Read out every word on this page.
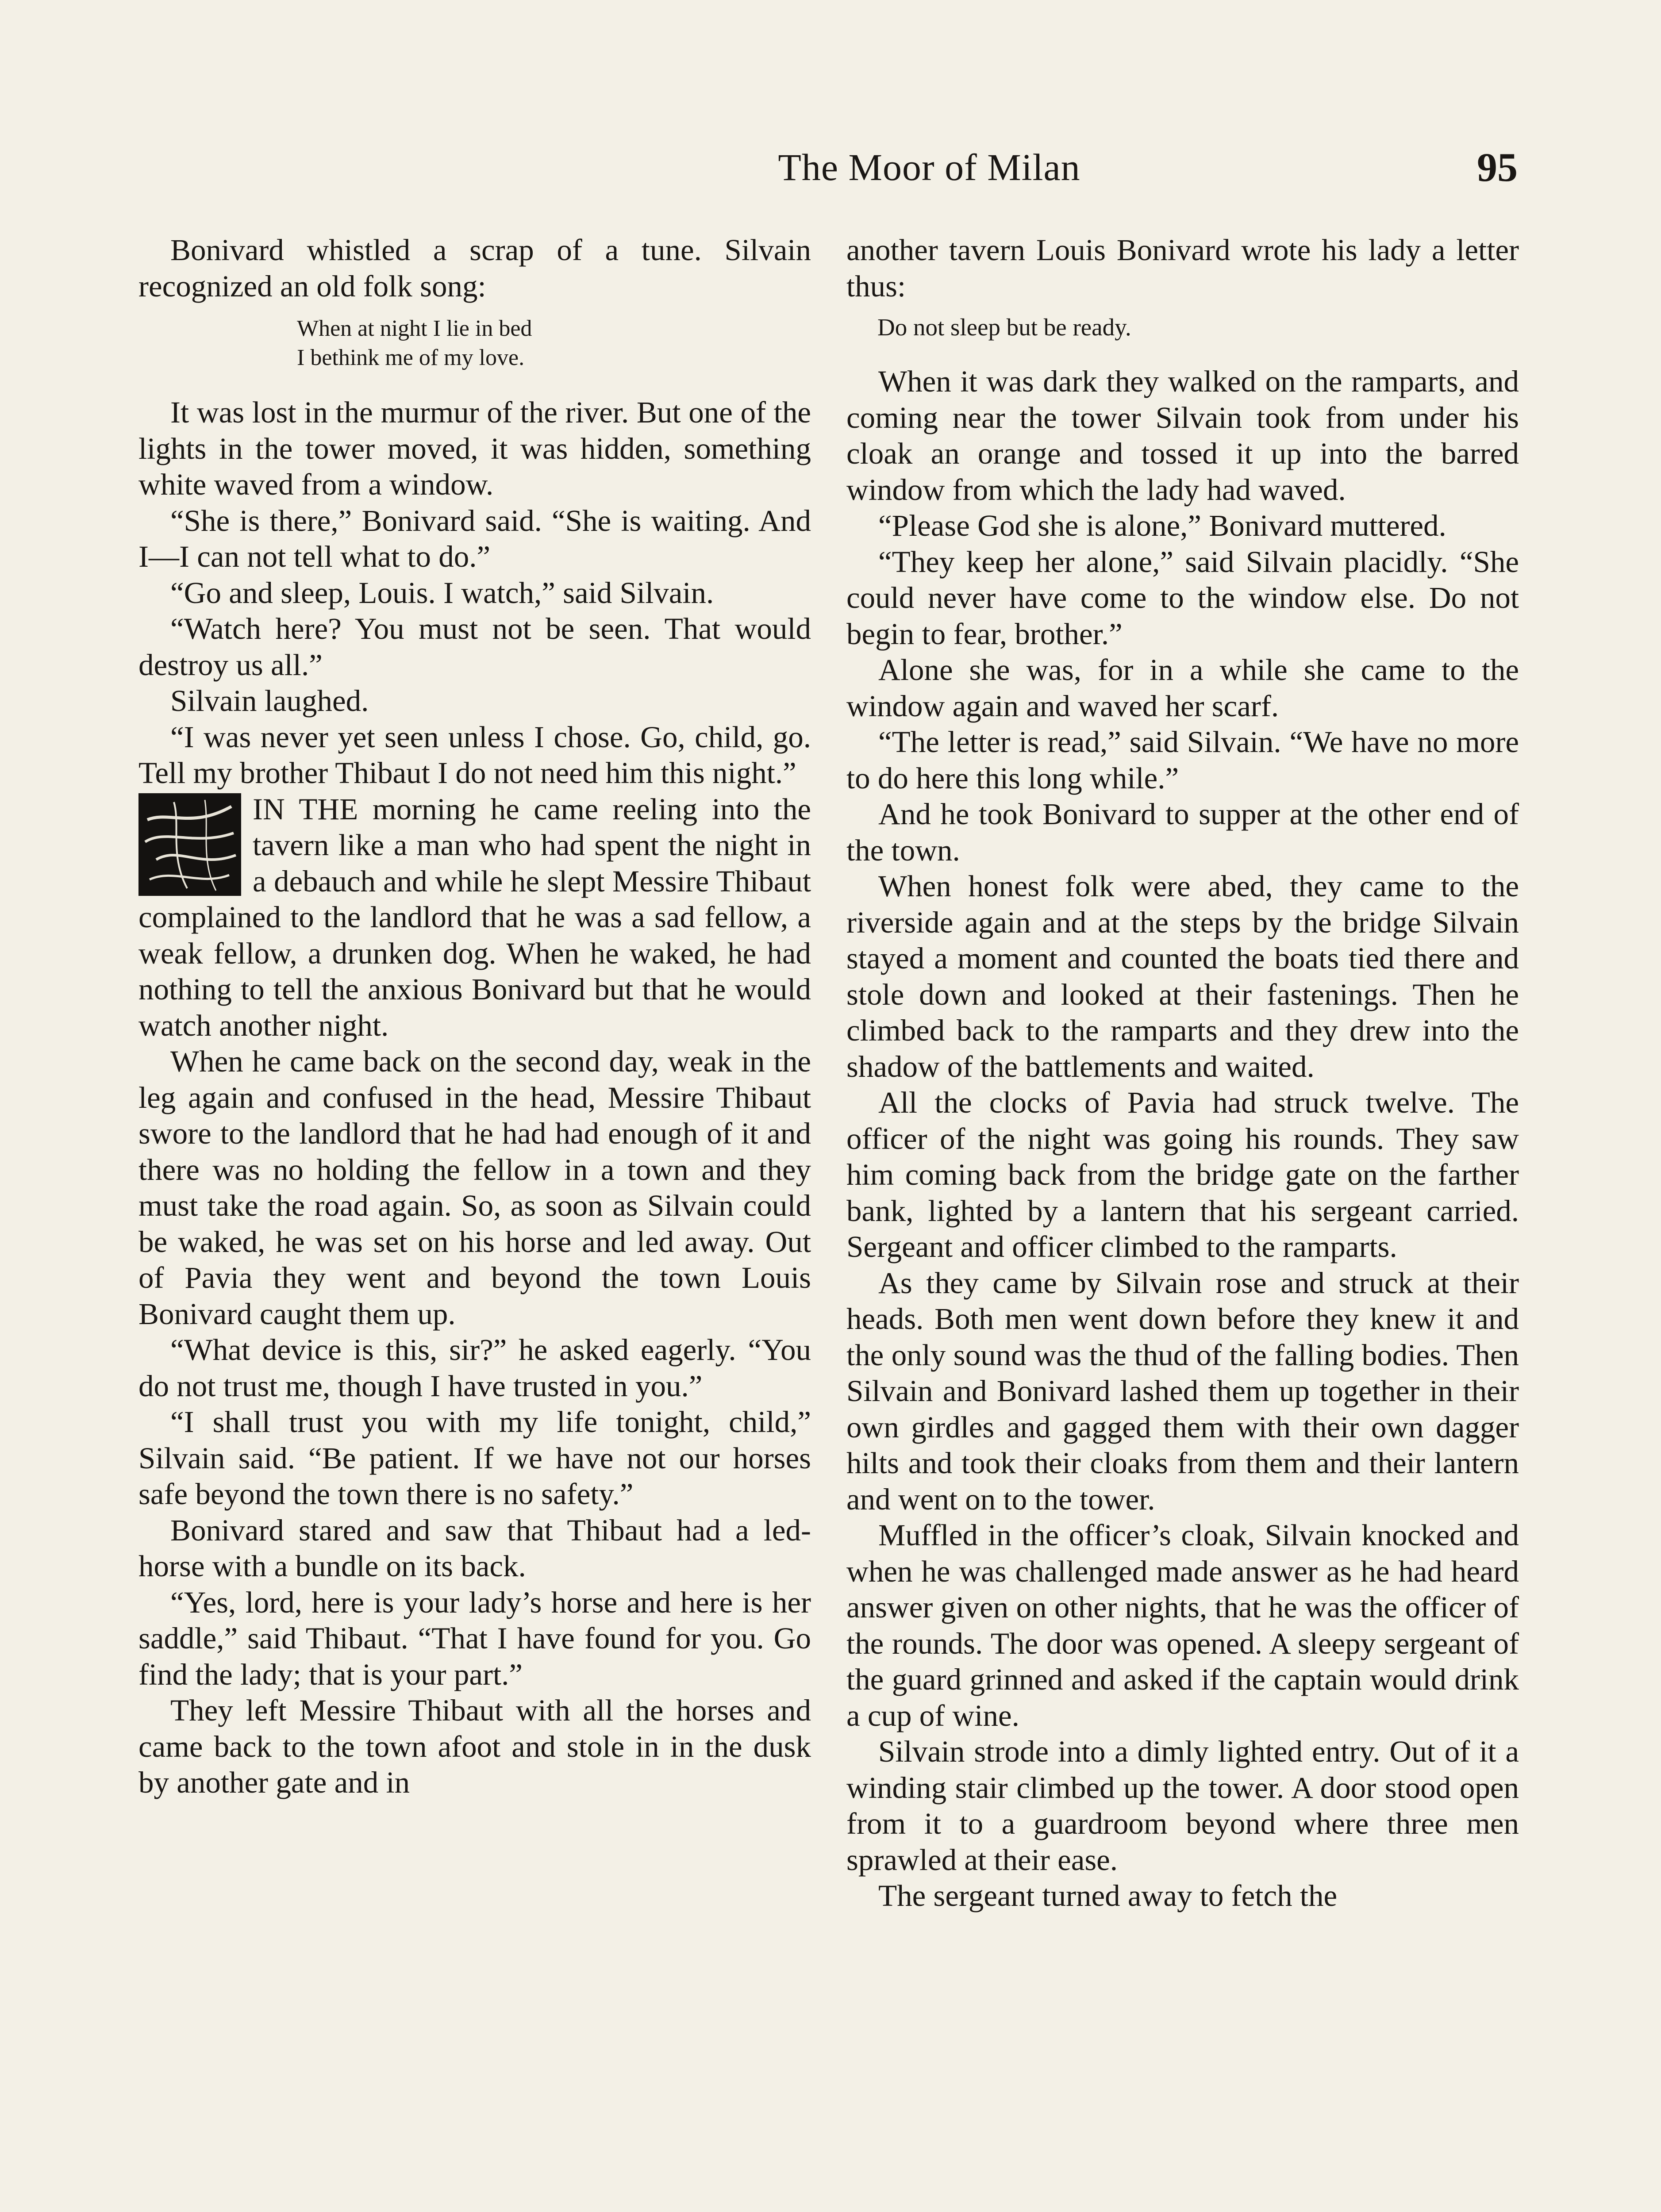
The Moor of Milan	95

Bonivard whistled a scrap of a tune. Silvain recognized an old folk song:

When at night I lie in bed
I bethink me of my love.

It was lost in the murmur of the river. But one of the lights in the tower moved, it was hidden, something white waved from a window.

“She is there,” Bonivard said. “She is waiting. And I—I can not tell what to do.”

“Go and sleep, Louis. I watch,” said Silvain.

“Watch here? You must not be seen. That would destroy us all.”

Silvain laughed.

“I was never yet seen unless I chose. Go, child, go. Tell my brother Thibaut I do not need him this night.”

IN THE morning he came reeling into the tavern like a man who had spent the night in a debauch and while he slept Messire Thibaut complained to the landlord that he was a sad fellow, a weak fellow, a drunken dog. When he waked, he had nothing to tell the anxious Bonivard but that he would watch another night.

When he came back on the second day, weak in the leg again and confused in the head, Messire Thibaut swore to the landlord that he had had enough of it and there was no holding the fellow in a town and they must take the road again. So, as soon as Silvain could be waked, he was set on his horse and led away. Out of Pavia they went and beyond the town Louis Bonivard caught them up.

“What device is this, sir?” he asked eagerly. “You do not trust me, though I have trusted in you.”

“I shall trust you with my life tonight, child,” Silvain said. “Be patient. If we have not our horses safe beyond the town there is no safety.”

Bonivard stared and saw that Thibaut had a led-horse with a bundle on its back.

“Yes, lord, here is your lady’s horse and here is her saddle,” said Thibaut. “That I have found for you. Go find the lady; that is your part.”

They left Messire Thibaut with all the horses and came back to the town afoot and stole in in the dusk by another gate and in

another tavern Louis Bonivard wrote his lady a letter thus:

Do not sleep but be ready.

When it was dark they walked on the ramparts, and coming near the tower Silvain took from under his cloak an orange and tossed it up into the barred window from which the lady had waved.

“Please God she is alone,” Bonivard muttered.

“They keep her alone,” said Silvain placidly. “She could never have come to the window else. Do not begin to fear, brother.”

Alone she was, for in a while she came to the window again and waved her scarf.

“The letter is read,” said Silvain. “We have no more to do here this long while.”

And he took Bonivard to supper at the other end of the town.

When honest folk were abed, they came to the riverside again and at the steps by the bridge Silvain stayed a moment and counted the boats tied there and stole down and looked at their fastenings. Then he climbed back to the ramparts and they drew into the shadow of the battlements and waited.

All the clocks of Pavia had struck twelve. The officer of the night was going his rounds. They saw him coming back from the bridge gate on the farther bank, lighted by a lantern that his sergeant carried. Sergeant and officer climbed to the ramparts.

As they came by Silvain rose and struck at their heads. Both men went down before they knew it and the only sound was the thud of the falling bodies. Then Silvain and Bonivard lashed them up together in their own girdles and gagged them with their own dagger hilts and took their cloaks from them and their lantern and went on to the tower.

Muffled in the officer’s cloak, Silvain knocked and when he was challenged made answer as he had heard answer given on other nights, that he was the officer of the rounds. The door was opened. A sleepy sergeant of the guard grinned and asked if the captain would drink a cup of wine.

Silvain strode into a dimly lighted entry. Out of it a winding stair climbed up the tower. A door stood open from it to a guardroom beyond where three men sprawled at their ease.

The sergeant turned away to fetch the
